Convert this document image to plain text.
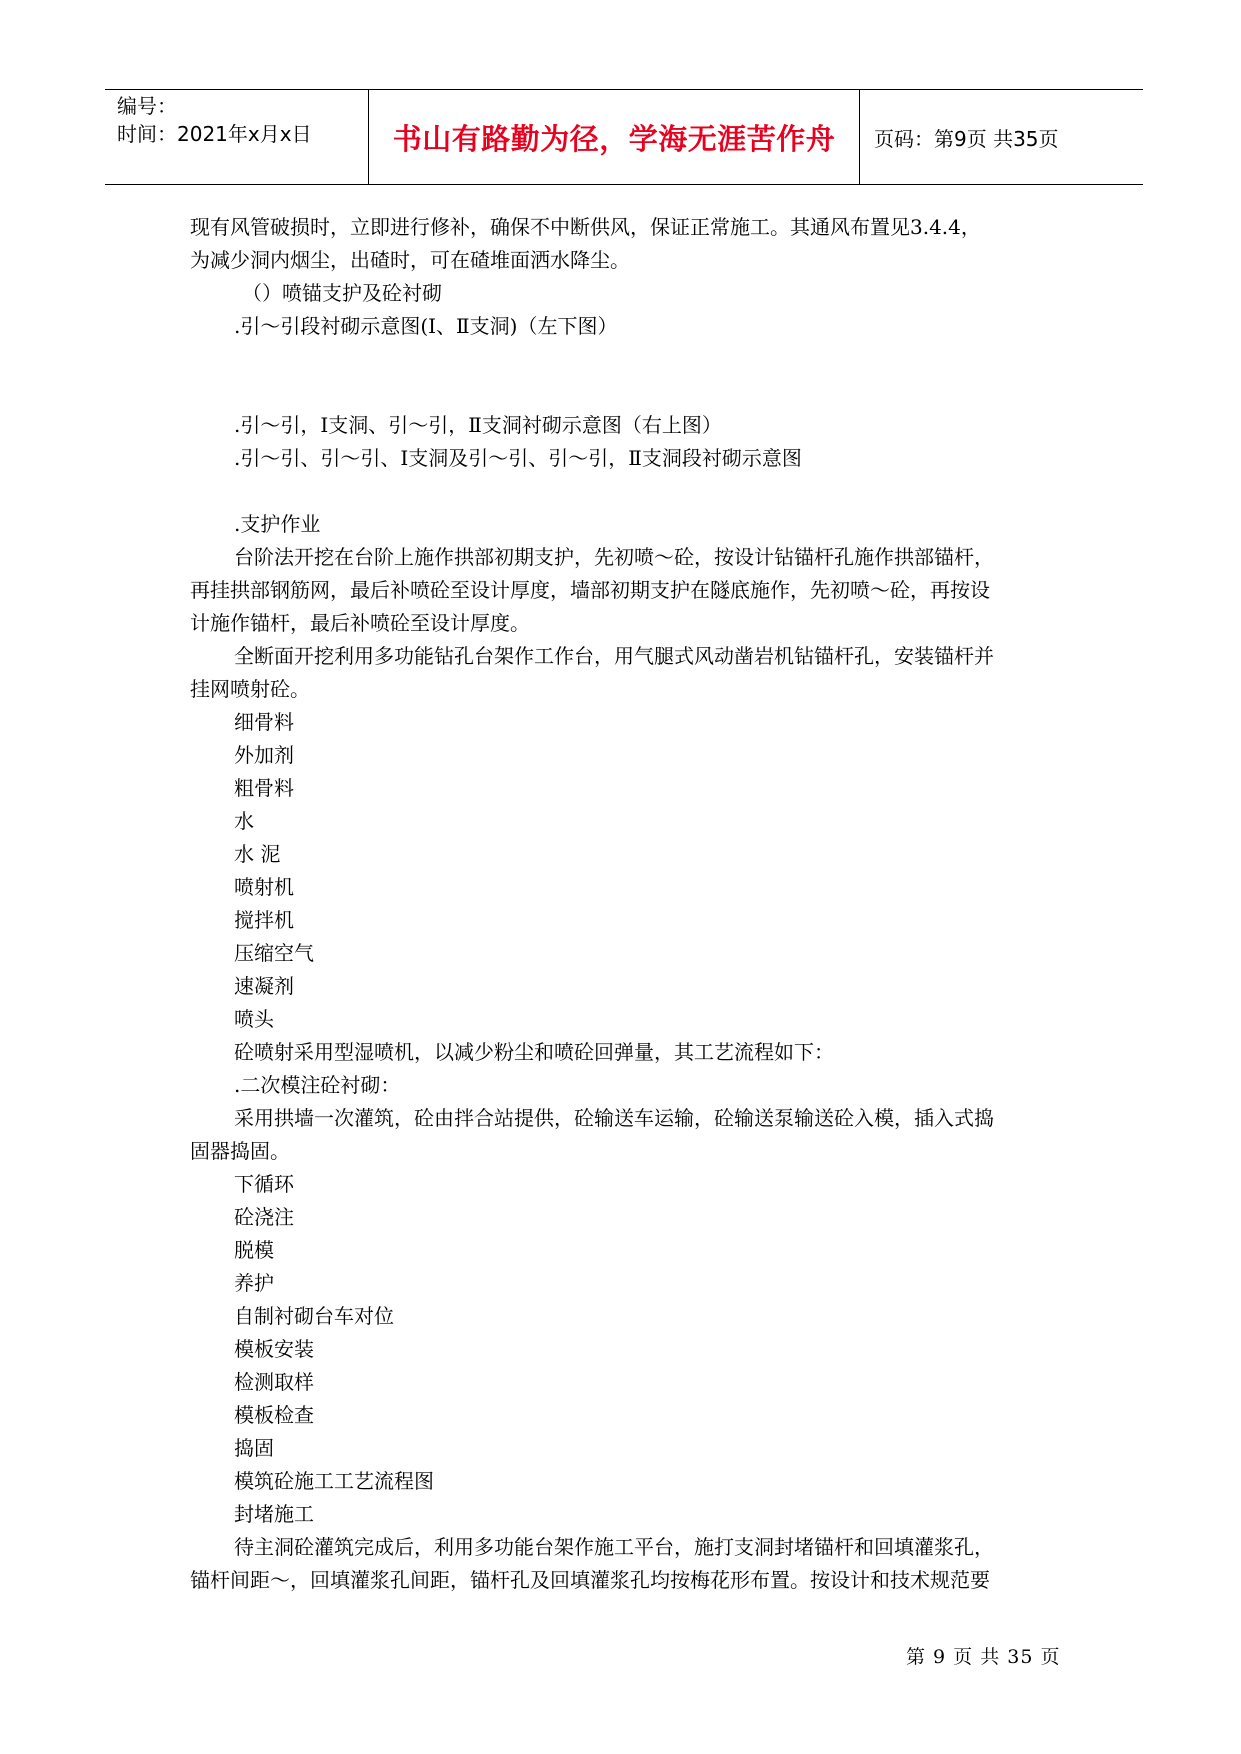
编号：
时间：2021年x月x日	书山有路勤为径，学海无涯苦作舟	页码：第9页 共35页
现有风管破损时，立即进行修补，确保不中断供风，保证正常施工。其通风布置见3.4.4，
为减少洞内烟尘，出碴时，可在碴堆面洒水降尘。
（）喷锚支护及砼衬砌
.引～引段衬砌示意图(Ⅰ、Ⅱ支洞)（左下图）
.引～引，Ⅰ支洞、引～引，Ⅱ支洞衬砌示意图（右上图）
.引～引、引～引、Ⅰ支洞及引～引、引～引，Ⅱ支洞段衬砌示意图
.支护作业
台阶法开挖在台阶上施作拱部初期支护，先初喷～砼，按设计钻锚杆孔施作拱部锚杆，
再挂拱部钢筋网，最后补喷砼至设计厚度，墙部初期支护在隧底施作，先初喷～砼，再按设
计施作锚杆，最后补喷砼至设计厚度。
全断面开挖利用多功能钻孔台架作工作台，用气腿式风动凿岩机钻锚杆孔，安装锚杆并
挂网喷射砼。
细骨料
外加剂
粗骨料
水
水 泥
喷射机
搅拌机
压缩空气
速凝剂
喷头
砼喷射采用型湿喷机，以减少粉尘和喷砼回弹量，其工艺流程如下：
.二次模注砼衬砌：
采用拱墙一次灌筑，砼由拌合站提供，砼输送车运输，砼输送泵输送砼入模，插入式捣
固器捣固。
下循环
砼浇注
脱模
养护
自制衬砌台车对位
模板安装
检测取样
模板检查
捣固
模筑砼施工工艺流程图
封堵施工
待主洞砼灌筑完成后，利用多功能台架作施工平台，施打支洞封堵锚杆和回填灌浆孔，
锚杆间距～，回填灌浆孔间距，锚杆孔及回填灌浆孔均按梅花形布置。按设计和技术规范要
第 9 页 共 35 页
